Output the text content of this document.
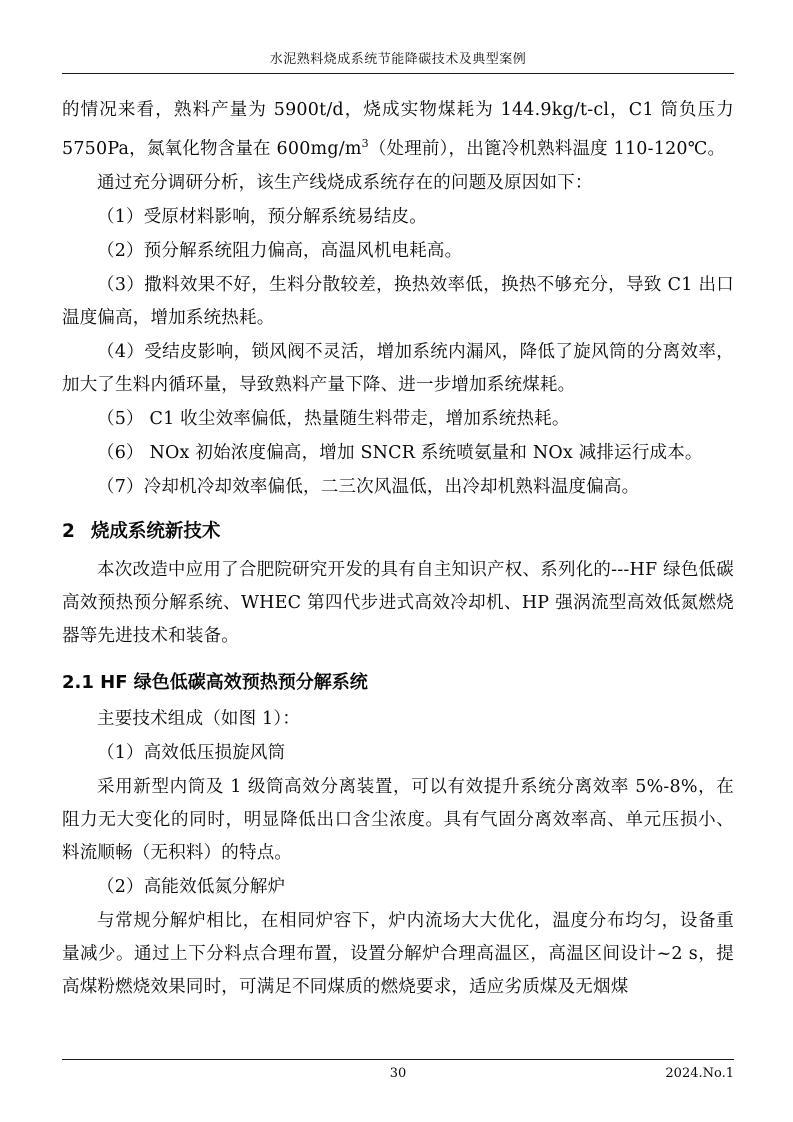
水泥熟料烧成系统节能降碳技术及典型案例

的情况来看，熟料产量为 5900t/d，烧成实物煤耗为 144.9kg/t-cl，C1 筒负压力 5750Pa，氮氧化物含量在 $600mg/m^3$（处理前），出篦冷机熟料温度 110-120℃。

通过充分调研分析，该生产线烧成系统存在的问题及原因如下：

（1）受原材料影响，预分解系统易结皮。

（2）预分解系统阻力偏高，高温风机电耗高。

（3）撒料效果不好，生料分散较差，换热效率低，换热不够充分，导致 C1 出口温度偏高，增加系统热耗。

（4）受结皮影响，锁风阀不灵活，增加系统内漏风，降低了旋风筒的分离效率，加大了生料内循环量，导致熟料产量下降、进一步增加系统煤耗。

（5） C1 收尘效率偏低，热量随生料带走，增加系统热耗。

（6） NOx 初始浓度偏高，增加 SNCR 系统喷氨量和 NOx 减排运行成本。

（7）冷却机冷却效率偏低，二三次风温低，出冷却机熟料温度偏高。

2 烧成系统新技术

本次改造中应用了合肥院研究开发的具有自主知识产权、系列化的---HF 绿色低碳高效预热预分解系统、WHEC 第四代步进式高效冷却机、HP 强涡流型高效低氮燃烧器等先进技术和装备。

2.1 HF 绿色低碳高效预热预分解系统

主要技术组成（如图 1）：

（1）高效低压损旋风筒

采用新型内筒及 1 级筒高效分离装置，可以有效提升系统分离效率 5%-8%，在阻力无大变化的同时，明显降低出口含尘浓度。具有气固分离效率高、单元压损小、料流顺畅（无积料）的特点。

（2）高能效低氮分解炉

与常规分解炉相比，在相同炉容下，炉内流场大大优化，温度分布均匀，设备重量减少。通过上下分料点合理布置，设置分解炉合理高温区，高温区间设计~2 s，提高煤粉燃烧效果同时，可满足不同煤质的燃烧要求，适应劣质煤及无烟煤

30	2024.No.1
